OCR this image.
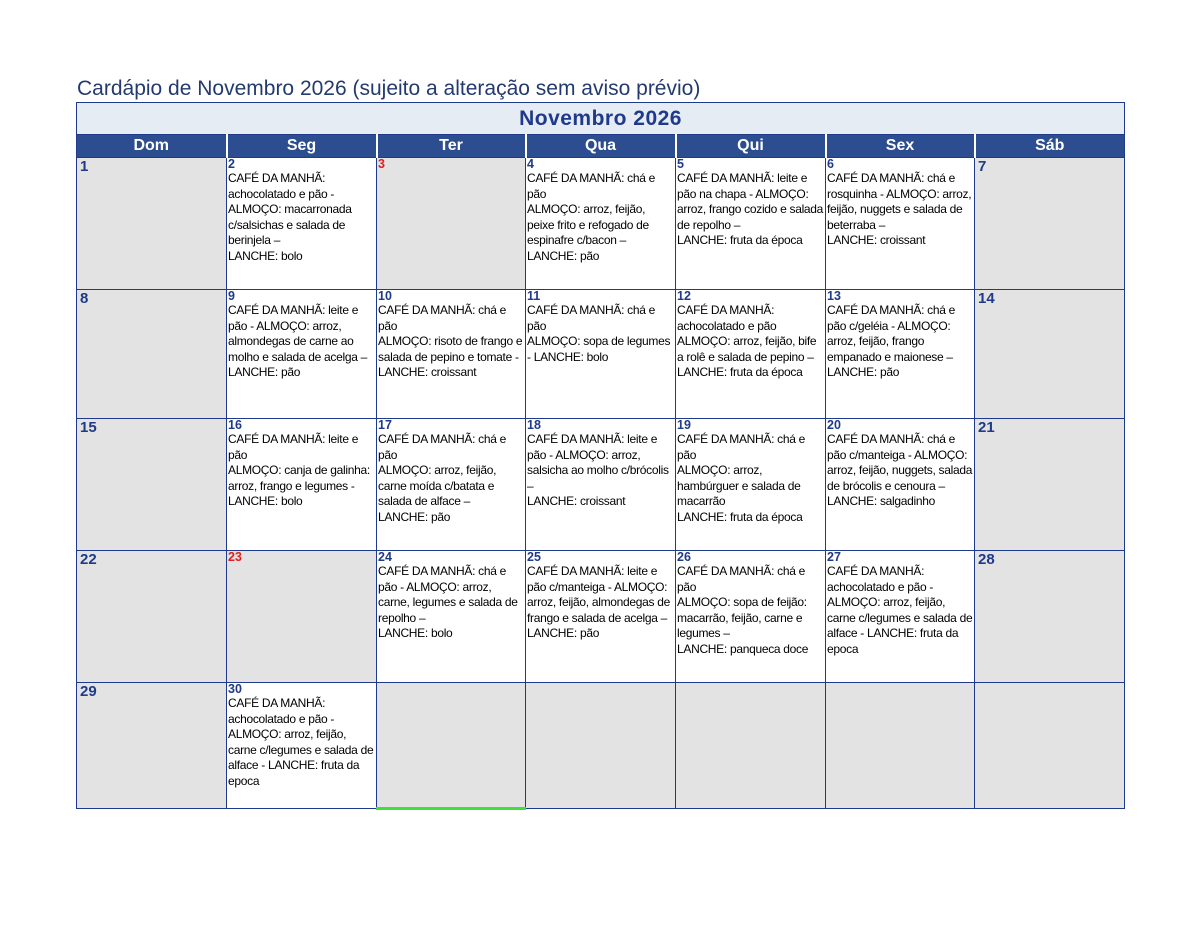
Cardápio de Novembro 2026 (sujeito a alteração sem aviso prévio)
Novembro 2026						
Dom	Seg	Ter	Qua	Qui	Sex	Sáb

1	2
CAFÉ DA MANHÃ: achocolatado e pão - ALMOÇO: macarronada c/salsichas e salada de berinjela –
LANCHE: bolo	3	4
CAFÉ DA MANHÃ: chá e pão
ALMOÇO: arroz, feijão, peixe frito e refogado de espinafre c/bacon –
LANCHE: pão	5
CAFÉ DA MANHÃ: leite e pão na chapa - ALMOÇO: arroz, frango cozido e salada de repolho –
LANCHE: fruta da época	6
CAFÉ DA MANHÃ: chá e rosquinha - ALMOÇO: arroz, feijão, nuggets e salada de beterraba –
LANCHE: croissant	7

8	9
CAFÉ DA MANHÃ: leite e pão - ALMOÇO: arroz, almondegas de carne ao molho e salada de acelga –
LANCHE: pão	10
CAFÉ DA MANHÃ: chá e pão
ALMOÇO: risoto de frango e salada de pepino e tomate - LANCHE: croissant	11
CAFÉ DA MANHÃ: chá e pão
ALMOÇO: sopa de legumes - LANCHE: bolo	12
CAFÉ DA MANHÃ: achocolatado e pão
ALMOÇO: arroz, feijão, bife a rolê e salada de pepino –
LANCHE: fruta da época	13
CAFÉ DA MANHÃ: chá e pão c/geléia - ALMOÇO: arroz, feijão, frango empanado e maionese –
LANCHE: pão	14

15	16
CAFÉ DA MANHÃ: leite e pão
ALMOÇO: canja de galinha: arroz, frango e legumes - LANCHE: bolo	17
CAFÉ DA MANHÃ: chá e pão
ALMOÇO: arroz, feijão, carne moída c/batata e salada de alface –
LANCHE: pão	18
CAFÉ DA MANHÃ: leite e pão - ALMOÇO: arroz, salsicha ao molho c/brócolis –
LANCHE: croissant	19
CAFÉ DA MANHÃ: chá e pão
ALMOÇO: arroz, hambúrguer e salada de macarrão
LANCHE: fruta da época	20
CAFÉ DA MANHÃ: chá e pão c/manteiga - ALMOÇO: arroz, feijão, nuggets, salada de brócolis e cenoura –
LANCHE: salgadinho	21

22	23	24
CAFÉ DA MANHÃ: chá e pão - ALMOÇO: arroz, carne, legumes e salada de repolho –
LANCHE: bolo	25
CAFÉ DA MANHÃ: leite e pão c/manteiga - ALMOÇO: arroz, feijão, almondegas de frango e salada de acelga –
LANCHE: pão	26
CAFÉ DA MANHÃ: chá e pão
ALMOÇO: sopa de feijão: macarrão, feijão, carne e legumes –
LANCHE: panqueca doce	27
CAFÉ DA MANHÃ: achocolatado e pão - ALMOÇO: arroz, feijão, carne c/legumes e salada de alface - LANCHE: fruta da epoca	28

29	30
CAFÉ DA MANHÃ: achocolatado e pão - ALMOÇO: arroz, feijão, carne c/legumes e salada de alface - LANCHE: fruta da epoca					
